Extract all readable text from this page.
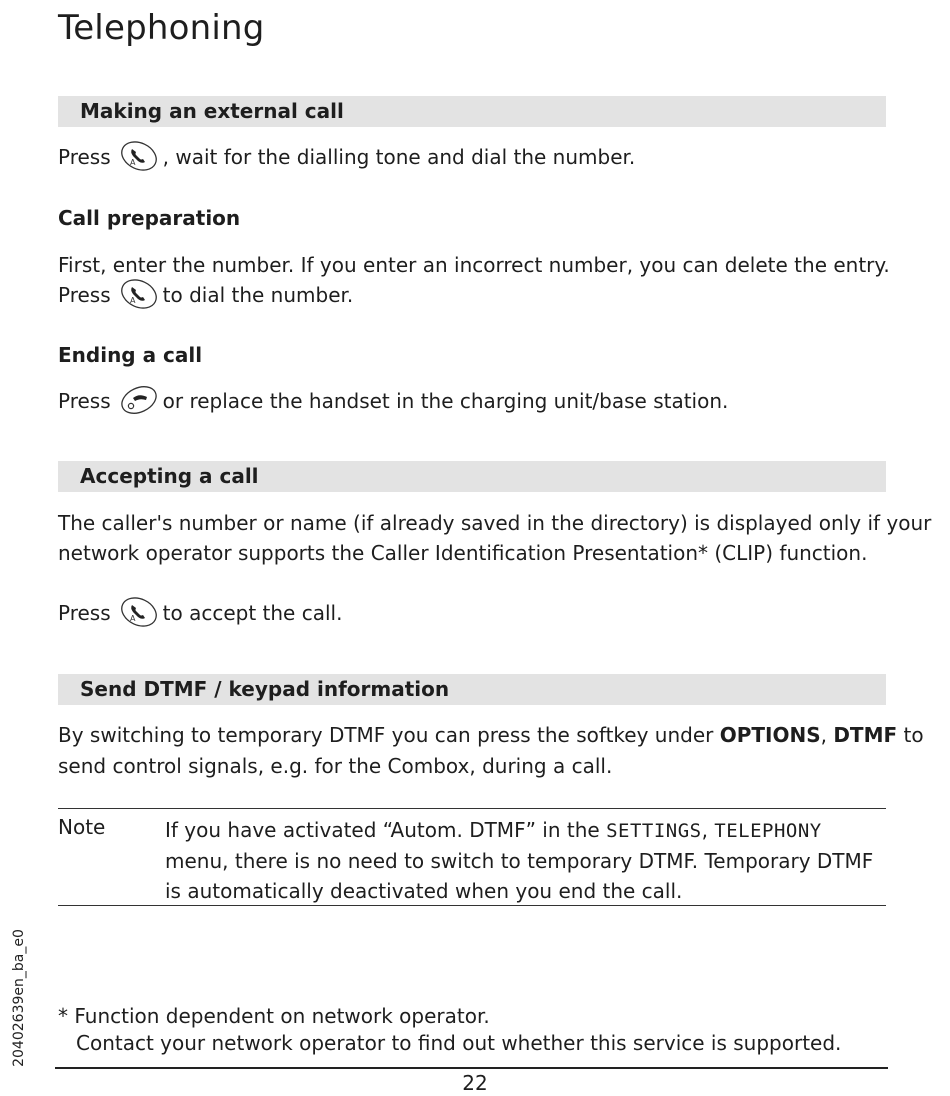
Telephoning
Making an external call
Press A , wait for the dialling tone and dial the number.
Call preparation
First, enter the number. If you enter an incorrect number, you can delete the entry.
Press A to dial the number.
Ending a call
Press	or replace the handset in the charging unit/base station.
Accepting a call
The caller's number or name (if already saved in the directory) is displayed only if your
network operator supports the Caller Identification Presentation* (CLIP) function.
Press A to accept the call.
Send DTMF / keypad information
By switching to temporary DTMF you can press the softkey under OPTIONS, DTMF to
send control signals, e.g. for the Combox, during a call.
Note	If you have activated “Autom. DTMF” in the SETTINGS, TELEPHONY menu, there is no need to switch to temporary DTMF. Temporary DTMF is automatically deactivated when you end the call.
20402639en_ba_e0 * Function dependent on network operator.
Contact your network operator to find out whether this service is supported.
22
